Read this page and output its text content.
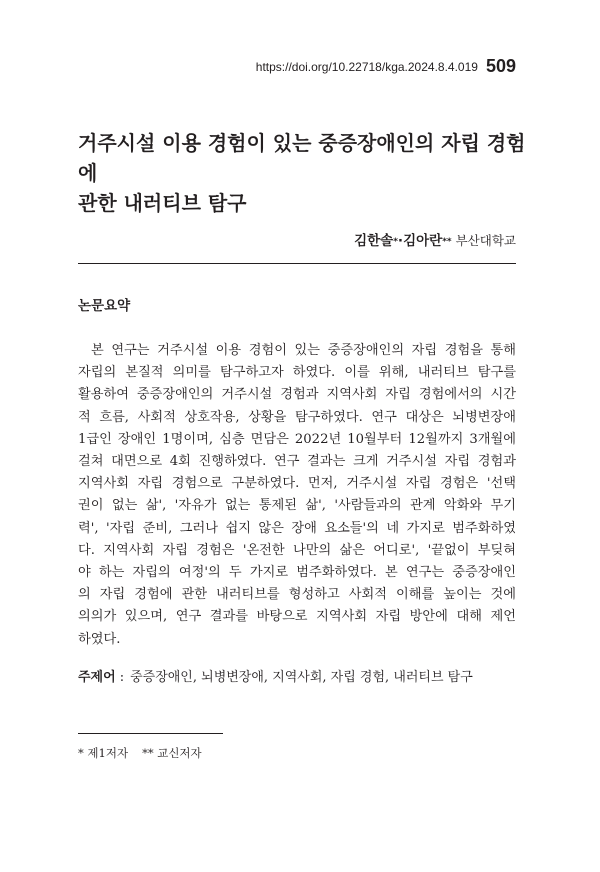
https://doi.org/10.22718/kga.2024.8.4.019 509
거주시설 이용 경험이 있는 중증장애인의 자립 경험에
관한 내러티브 탐구
김한솔*·김아란** 부산대학교
논문요약
본 연구는 거주시설 이용 경험이 있는 중증장애인의 자립 경험을 통해
자립의 본질적 의미를 탐구하고자 하였다. 이를 위해, 내러티브 탐구를
활용하여 중증장애인의 거주시설 경험과 지역사회 자립 경험에서의 시간
적 흐름, 사회적 상호작용, 상황을 탐구하였다. 연구 대상은 뇌병변장애
1급인 장애인 1명이며, 심층 면담은 2022년 10월부터 12월까지 3개월에
걸쳐 대면으로 4회 진행하였다. 연구 결과는 크게 거주시설 자립 경험과
지역사회 자립 경험으로 구분하였다. 먼저, 거주시설 자립 경험은 '선택
권이 없는 삶', '자유가 없는 통제된 삶', '사람들과의 관계 악화와 무기
력', '자립 준비, 그러나 쉽지 않은 장애 요소들'의 네 가지로 범주화하였
다. 지역사회 자립 경험은 '온전한 나만의 삶은 어디로', '끝없이 부딪혀
야 하는 자립의 여정'의 두 가지로 범주화하였다. 본 연구는 중증장애인
의 자립 경험에 관한 내러티브를 형성하고 사회적 이해를 높이는 것에
의의가 있으며, 연구 결과를 바탕으로 지역사회 자립 방안에 대해 제언
하였다.
주제어 : 중증장애인, 뇌병변장애, 지역사회, 자립 경험, 내러티브 탐구
* 제1저자 ** 교신저자
